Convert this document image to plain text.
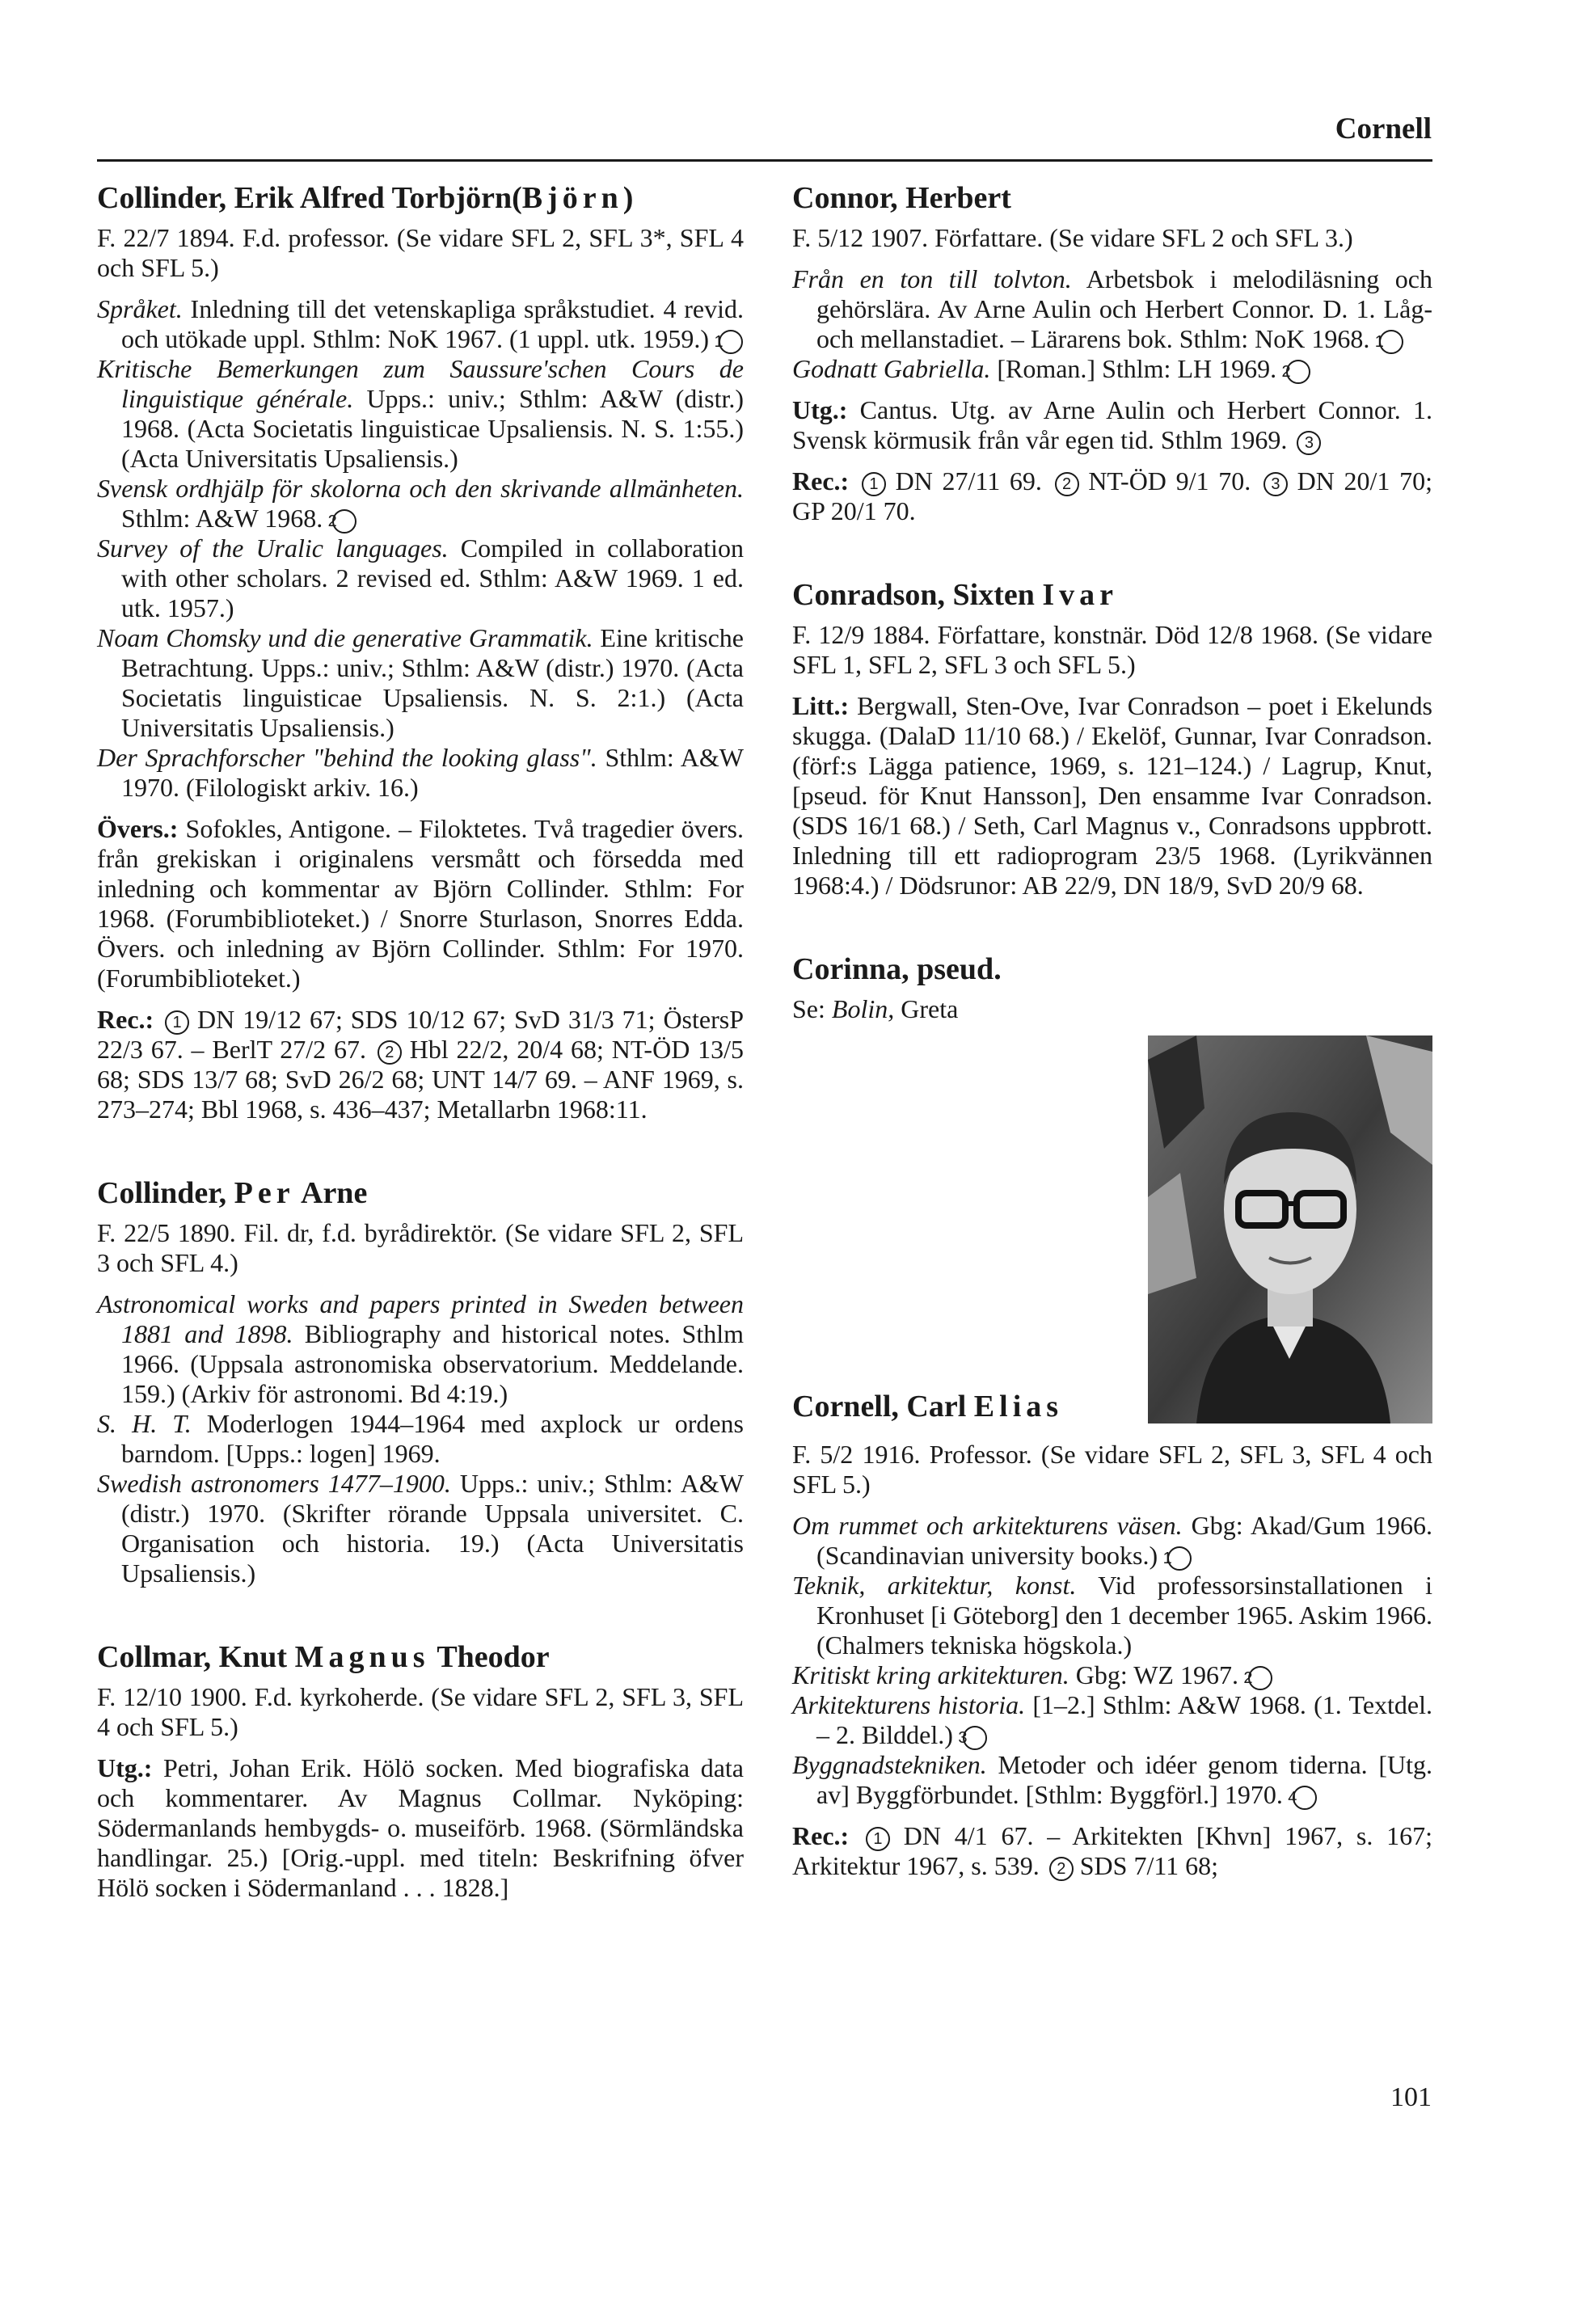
Cornell
Collinder, Erik Alfred Torbjörn(Björn)
F. 22/7 1894. F.d. professor. (Se vidare SFL 2, SFL 3*, SFL 4 och SFL 5.)

Språket. Inledning till det vetenskapliga språkstudiet. 4 revid. och utökade uppl. Sthlm: NoK 1967. (1 uppl. utk. 1959.) 1

Kritische Bemerkungen zum Saussure'schen Cours de linguistique générale. Upps.: univ.; Sthlm: A&W (distr.) 1968. (Acta Societatis linguisticae Upsaliensis. N. S. 1:55.) (Acta Universitatis Upsaliensis.)

Svensk ordhjälp för skolorna och den skrivande allmänheten. Sthlm: A&W 1968. 2

Survey of the Uralic languages. Compiled in collaboration with other scholars. 2 revised ed. Sthlm: A&W 1969. 1 ed. utk. 1957.)

Noam Chomsky und die generative Grammatik. Eine kritische Betrachtung. Upps.: univ.; Sthlm: A&W (distr.) 1970. (Acta Societatis linguisticae Upsaliensis. N. S. 2:1.) (Acta Universitatis Upsaliensis.)

Der Sprachforscher "behind the looking glass". Sthlm: A&W 1970. (Filologiskt arkiv. 16.)

Övers.: Sofokles, Antigone. – Filoktetes. Två tragedier övers. från grekiskan i originalens versmått och försedda med inledning och kommentar av Björn Collinder. Sthlm: For 1968. (Forumbiblioteket.) / Snorre Sturlason, Snorres Edda. Övers. och inledning av Björn Collinder. Sthlm: For 1970. (Forumbiblioteket.)
Rec.: 1 DN 19/12 67; SDS 10/12 67; SvD 31/3 71; ÖstersP 22/3 67. – BerlT 27/2 67. 2 Hbl 22/2, 20/4 68; NT-ÖD 13/5 68; SDS 13/7 68; SvD 26/2 68; UNT 14/7 69. – ANF 1969, s. 273–274; Bbl 1968, s. 436–437; Metallarbn 1968:11.
Collinder, Per Arne
F. 22/5 1890. Fil. dr, f.d. byrådirektör. (Se vidare SFL 2, SFL 3 och SFL 4.)

Astronomical works and papers printed in Sweden between 1881 and 1898. Bibliography and historical notes. Sthlm 1966. (Uppsala astronomiska observatorium. Meddelande. 159.) (Arkiv för astronomi. Bd 4:19.)

S. H. T. Moderlogen 1944–1964 med axplock ur ordens barndom. [Upps.: logen] 1969.

Swedish astronomers 1477–1900. Upps.: univ.; Sthlm: A&W (distr.) 1970. (Skrifter rörande Uppsala universitet. C. Organisation och historia. 19.) (Acta Universitatis Upsaliensis.)

Collmar, Knut Magnus Theodor
F. 12/10 1900. F.d. kyrkoherde. (Se vidare SFL 2, SFL 3, SFL 4 och SFL 5.)
Utg.: Petri, Johan Erik. Hölö socken. Med biografiska data och kommentarer. Av Magnus Collmar. Nyköping: Södermanlands hembygds- o. museiförb. 1968. (Sörmländska handlingar. 25.) [Orig.-uppl. med titeln: Beskrifning öfver Hölö socken i Södermanland . . . 1828.]
Connor, Herbert
F. 5/12 1907. Författare. (Se vidare SFL 2 och SFL 3.)

Från en ton till tolvton. Arbetsbok i melodiläsning och gehörslära. Av Arne Aulin och Herbert Connor. D. 1. Låg- och mellanstadiet. – Lärarens bok. Sthlm: NoK 1968. 1

Godnatt Gabriella. [Roman.] Sthlm: LH 1969. 2

Utg.: Cantus. Utg. av Arne Aulin och Herbert Connor. 1. Svensk körmusik från vår egen tid. Sthlm 1969. 3
Rec.: 1 DN 27/11 69. 2 NT-ÖD 9/1 70. 3 DN 20/1 70; GP 20/1 70.
Conradson, Sixten Ivar
F. 12/9 1884. Författare, konstnär. Död 12/8 1968. (Se vidare SFL 1, SFL 2, SFL 3 och SFL 5.)
Litt.: Bergwall, Sten-Ove, Ivar Conradson – poet i Ekelunds skugga. (DalaD 11/10 68.) / Ekelöf, Gunnar, Ivar Conradson. (förf:s Lägga patience, 1969, s. 121–124.) / Lagrup, Knut, [pseud. för Knut Hansson], Den ensamme Ivar Conradson. (SDS 16/1 68.) / Seth, Carl Magnus v., Conradsons uppbrott. Inledning till ett radioprogram 23/5 1968. (Lyrikvännen 1968:4.) / Dödsrunor: AB 22/9, DN 18/9, SvD 20/9 68.
Corinna, pseud.
Se: Bolin, Greta
Cornell, Carl Elias
F. 5/2 1916. Professor. (Se vidare SFL 2, SFL 3, SFL 4 och SFL 5.)

Om rummet och arkitekturens väsen. Gbg: Akad/Gum 1966. (Scandinavian university books.) 1

Teknik, arkitektur, konst. Vid professorsinstallationen i Kronhuset [i Göteborg] den 1 december 1965. Askim 1966. (Chalmers tekniska högskola.)

Kritiskt kring arkitekturen. Gbg: WZ 1967. 2

Arkitekturens historia. [1–2.] Sthlm: A&W 1968. (1. Textdel. – 2. Bilddel.) 3

Byggnadstekniken. Metoder och idéer genom tiderna. [Utg. av] Byggförbundet. [Sthlm: Byggförl.] 1970. 4

Rec.: 1 DN 4/1 67. – Arkitekten [Khvn] 1967, s. 167; Arkitektur 1967, s. 539. 2 SDS 7/11 68;
101
